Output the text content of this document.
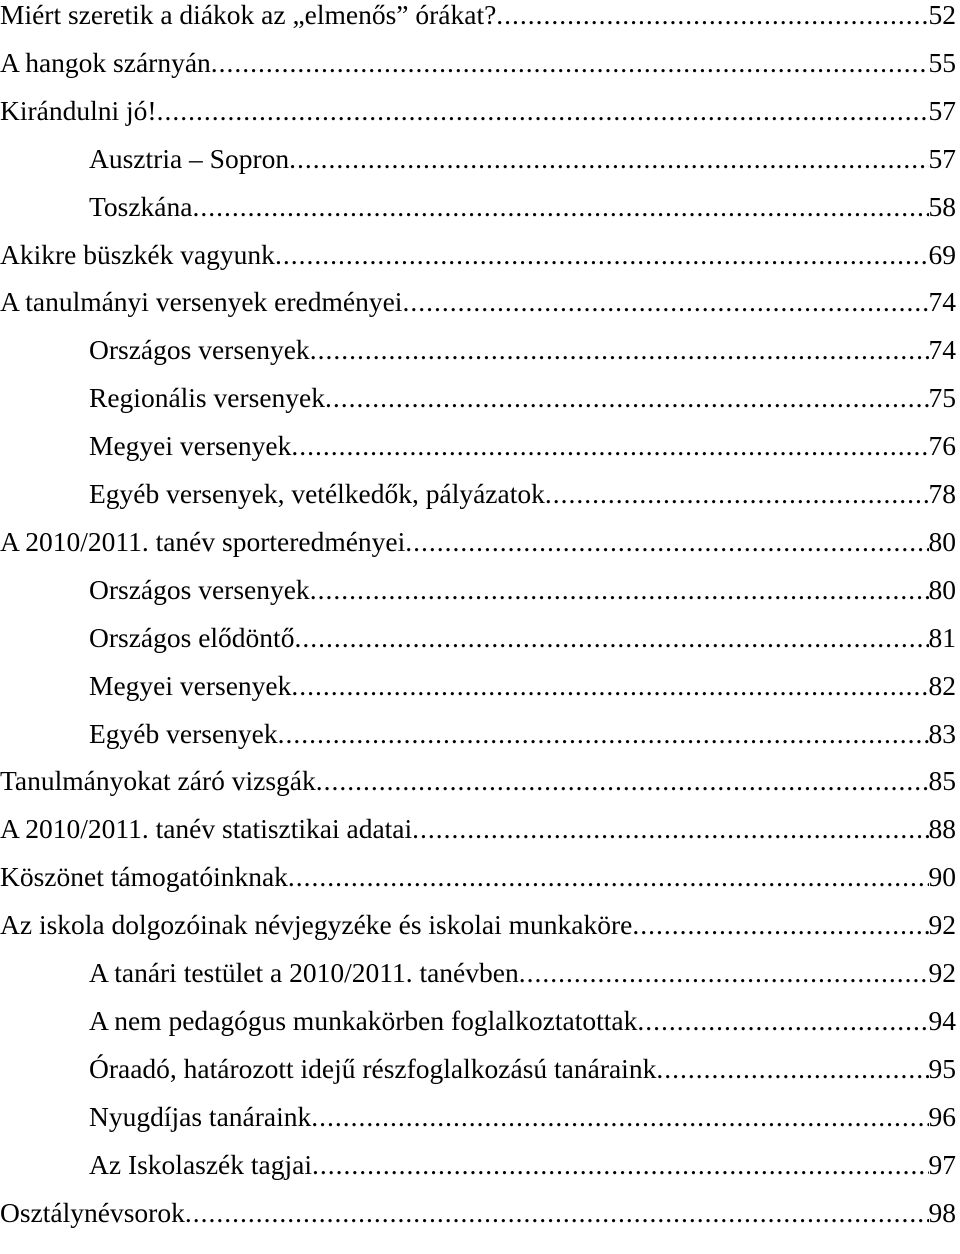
Miért szeretik a diákok az „elmenős” órákat? .....	52
A hangok szárnyán .....	55
Kirándulni jó! .....	57
Ausztria – Sopron .....	57
Toszkána .....	58
Akikre büszkék vagyunk .....	69
A tanulmányi versenyek eredményei .....	74
Országos versenyek .....	74
Regionális versenyek .....	75
Megyei versenyek .....	76
Egyéb versenyek, vetélkedők, pályázatok .....	78
A 2010/2011. tanév sporteredményei .....	80
Országos versenyek .....	80
Országos elődöntő .....	81
Megyei versenyek .....	82
Egyéb versenyek .....	83
Tanulmányokat záró vizsgák .....	85
A 2010/2011. tanév statisztikai adatai .....	88
Köszönet támogatóinknak .....	90
Az iskola dolgozóinak névjegyzéke és iskolai munkaköre .....	92
A tanári testület a 2010/2011. tanévben .....	92
A nem pedagógus munkakörben foglalkoztatottak .....	94
Óraadó, határozott idejű részfoglalkozású tanáraink .....	95
Nyugdíjas tanáraink .....	96
Az Iskolaszék tagjai .....	97
Osztálynévsorok .....	98
